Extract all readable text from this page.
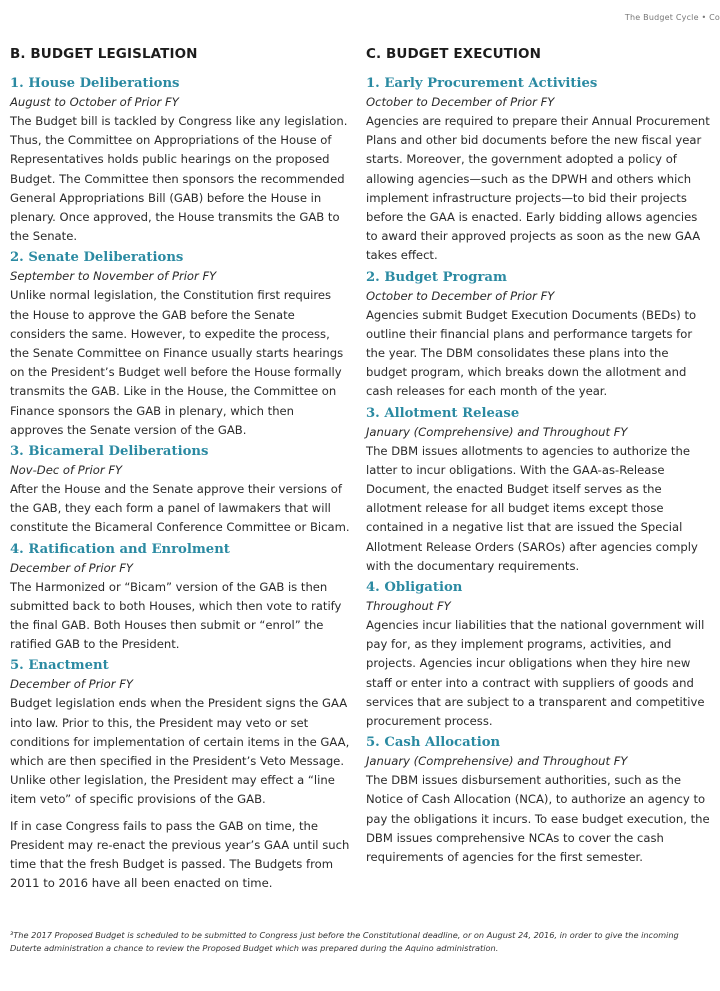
The Budget Cycle • Co
B. BUDGET LEGISLATION
1. House Deliberations

August to October of Prior FY

The Budget bill is tackled by Congress like any legislation. Thus, the Committee on Appropriations of the House of Representatives holds public hearings on the proposed Budget. The Committee then sponsors the recommended General Appropriations Bill (GAB) before the House in plenary. Once approved, the House transmits the GAB to the Senate.

2. Senate Deliberations

September to November of Prior FY

Unlike normal legislation, the Constitution first requires the House to approve the GAB before the Senate considers the same. However, to expedite the process, the Senate Committee on Finance usually starts hearings on the President’s Budget well before the House formally transmits the GAB. Like in the House, the Committee on Finance sponsors the GAB in plenary, which then approves the Senate version of the GAB.

3. Bicameral Deliberations

Nov-Dec of Prior FY

After the House and the Senate approve their versions of the GAB, they each form a panel of lawmakers that will constitute the Bicameral Conference Committee or Bicam.

4. Ratification and Enrolment

December of Prior FY

The Harmonized or “Bicam” version of the GAB is then submitted back to both Houses, which then vote to ratify the final GAB. Both Houses then submit or “enrol” the ratified GAB to the President.

5. Enactment

December of Prior FY

Budget legislation ends when the President signs the GAA into law. Prior to this, the President may veto or set conditions for implementation of certain items in the GAA, which are then specified in the President’s Veto Message. Unlike other legislation, the President may effect a “line item veto” of specific provisions of the GAB.

If in case Congress fails to pass the GAB on time, the President may re-enact the previous year’s GAA until such time that the fresh Budget is passed. The Budgets from 2011 to 2016 have all been enacted on time.

C. BUDGET EXECUTION
1. Early Procurement Activities

October to December of Prior FY

Agencies are required to prepare their Annual Procurement Plans and other bid documents before the new fiscal year starts. Moreover, the government adopted a policy of allowing agencies—such as the DPWH and others which implement infrastructure projects—to bid their projects before the GAA is enacted. Early bidding allows agencies to award their approved projects as soon as the new GAA takes effect.

2. Budget Program

October to December of Prior FY

Agencies submit Budget Execution Documents (BEDs) to outline their financial plans and performance targets for the year. The DBM consolidates these plans into the budget program, which breaks down the allotment and cash releases for each month of the year.

3. Allotment Release

January (Comprehensive) and Throughout FY

The DBM issues allotments to agencies to authorize the latter to incur obligations. With the GAA-as-Release Document, the enacted Budget itself serves as the allotment release for all budget items except those contained in a negative list that are issued the Special Allotment Release Orders (SAROs) after agencies comply with the documentary requirements.

4. Obligation

Throughout FY

Agencies incur liabilities that the national government will pay for, as they implement programs, activities, and projects. Agencies incur obligations when they hire new staff or enter into a contract with suppliers of goods and services that are subject to a transparent and competitive procurement process.

5. Cash Allocation

January (Comprehensive) and Throughout FY

The DBM issues disbursement authorities, such as the Notice of Cash Allocation (NCA), to authorize an agency to pay the obligations it incurs. To ease budget execution, the DBM issues comprehensive NCAs to cover the cash requirements of agencies for the first semester.

³The 2017 Proposed Budget is scheduled to be submitted to Congress just before the Constitutional deadline, or on August 24, 2016, in order to give the incoming Duterte administration a chance to review the Proposed Budget which was prepared during the Aquino administration.
